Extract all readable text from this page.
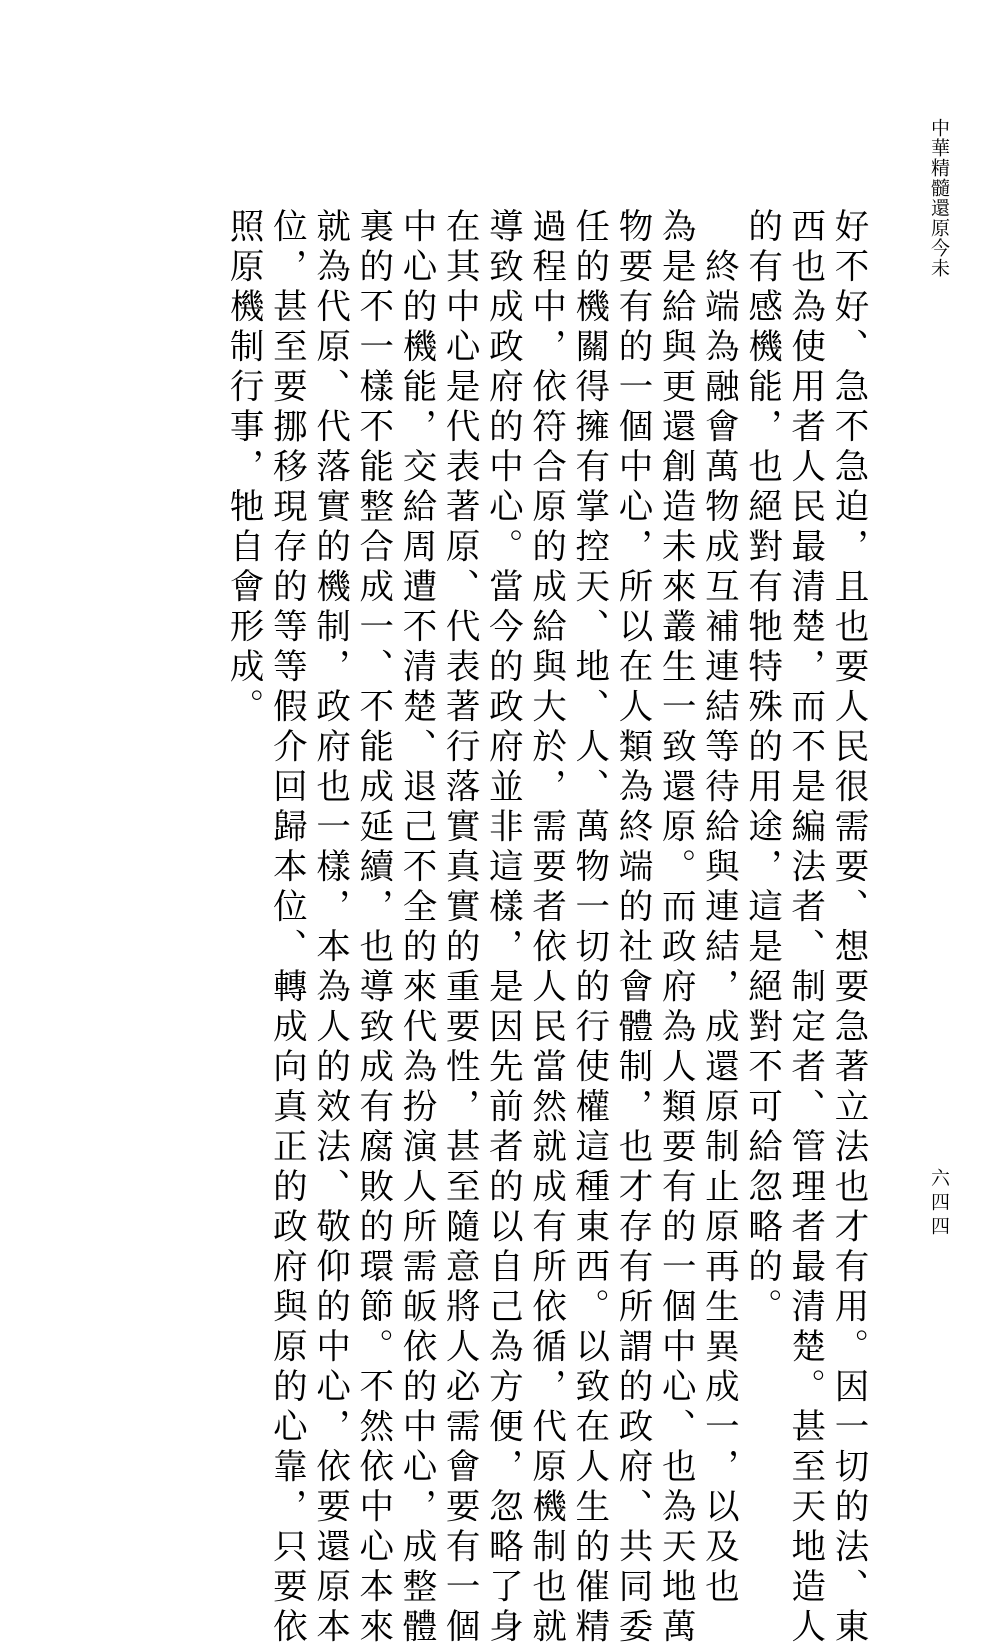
中華精髓還原今未
好不好、急不急迫，且也要人民很需要、想要急著立法也才有用。因一切的法、東
西也為使用者人民最清楚，而不是編法者、制定者、管理者最清楚。甚至天地造人
的有感機能，也絕對有牠特殊的用途，這是絕對不可給忽略的。
　終端為融會萬物成互補連結等待給與連結，成還原制止原再生異成一，以及也
為是給與更還創造未來叢生一致還原。而政府為人類要有的一個中心、也為天地萬
物要有的一個中心，所以在人類為終端的社會體制，也才存有所謂的政府、共同委
任的機關得擁有掌控天、地、人、萬物一切的行使權這種東西。以致在人生的催精
過程中，依符合原的成給與大於，需要者依人民當然就成有所依循，代原機制也就
導致成政府的中心。當今的政府並非這樣，是因先前者的以自己為方便，忽略了身
在其中心是代表著原、代表著行落實真實的重要性，甚至隨意將人必需會要有一個
中心的機能，交給周遭不清楚、退己不全的來代為扮演人所需皈依的中心，成整體
裏的不一樣不能整合成一、不能成延續，也導致成有腐敗的環節。不然依中心本來
就為代原、代落實的機制，政府也一樣，本為人的效法、敬仰的中心，依要還原本
位，甚至要挪移現存的等等假介回歸本位、轉成向真正的政府與原的心靠，只要依
照原機制行事，牠自會形成。
六四四
